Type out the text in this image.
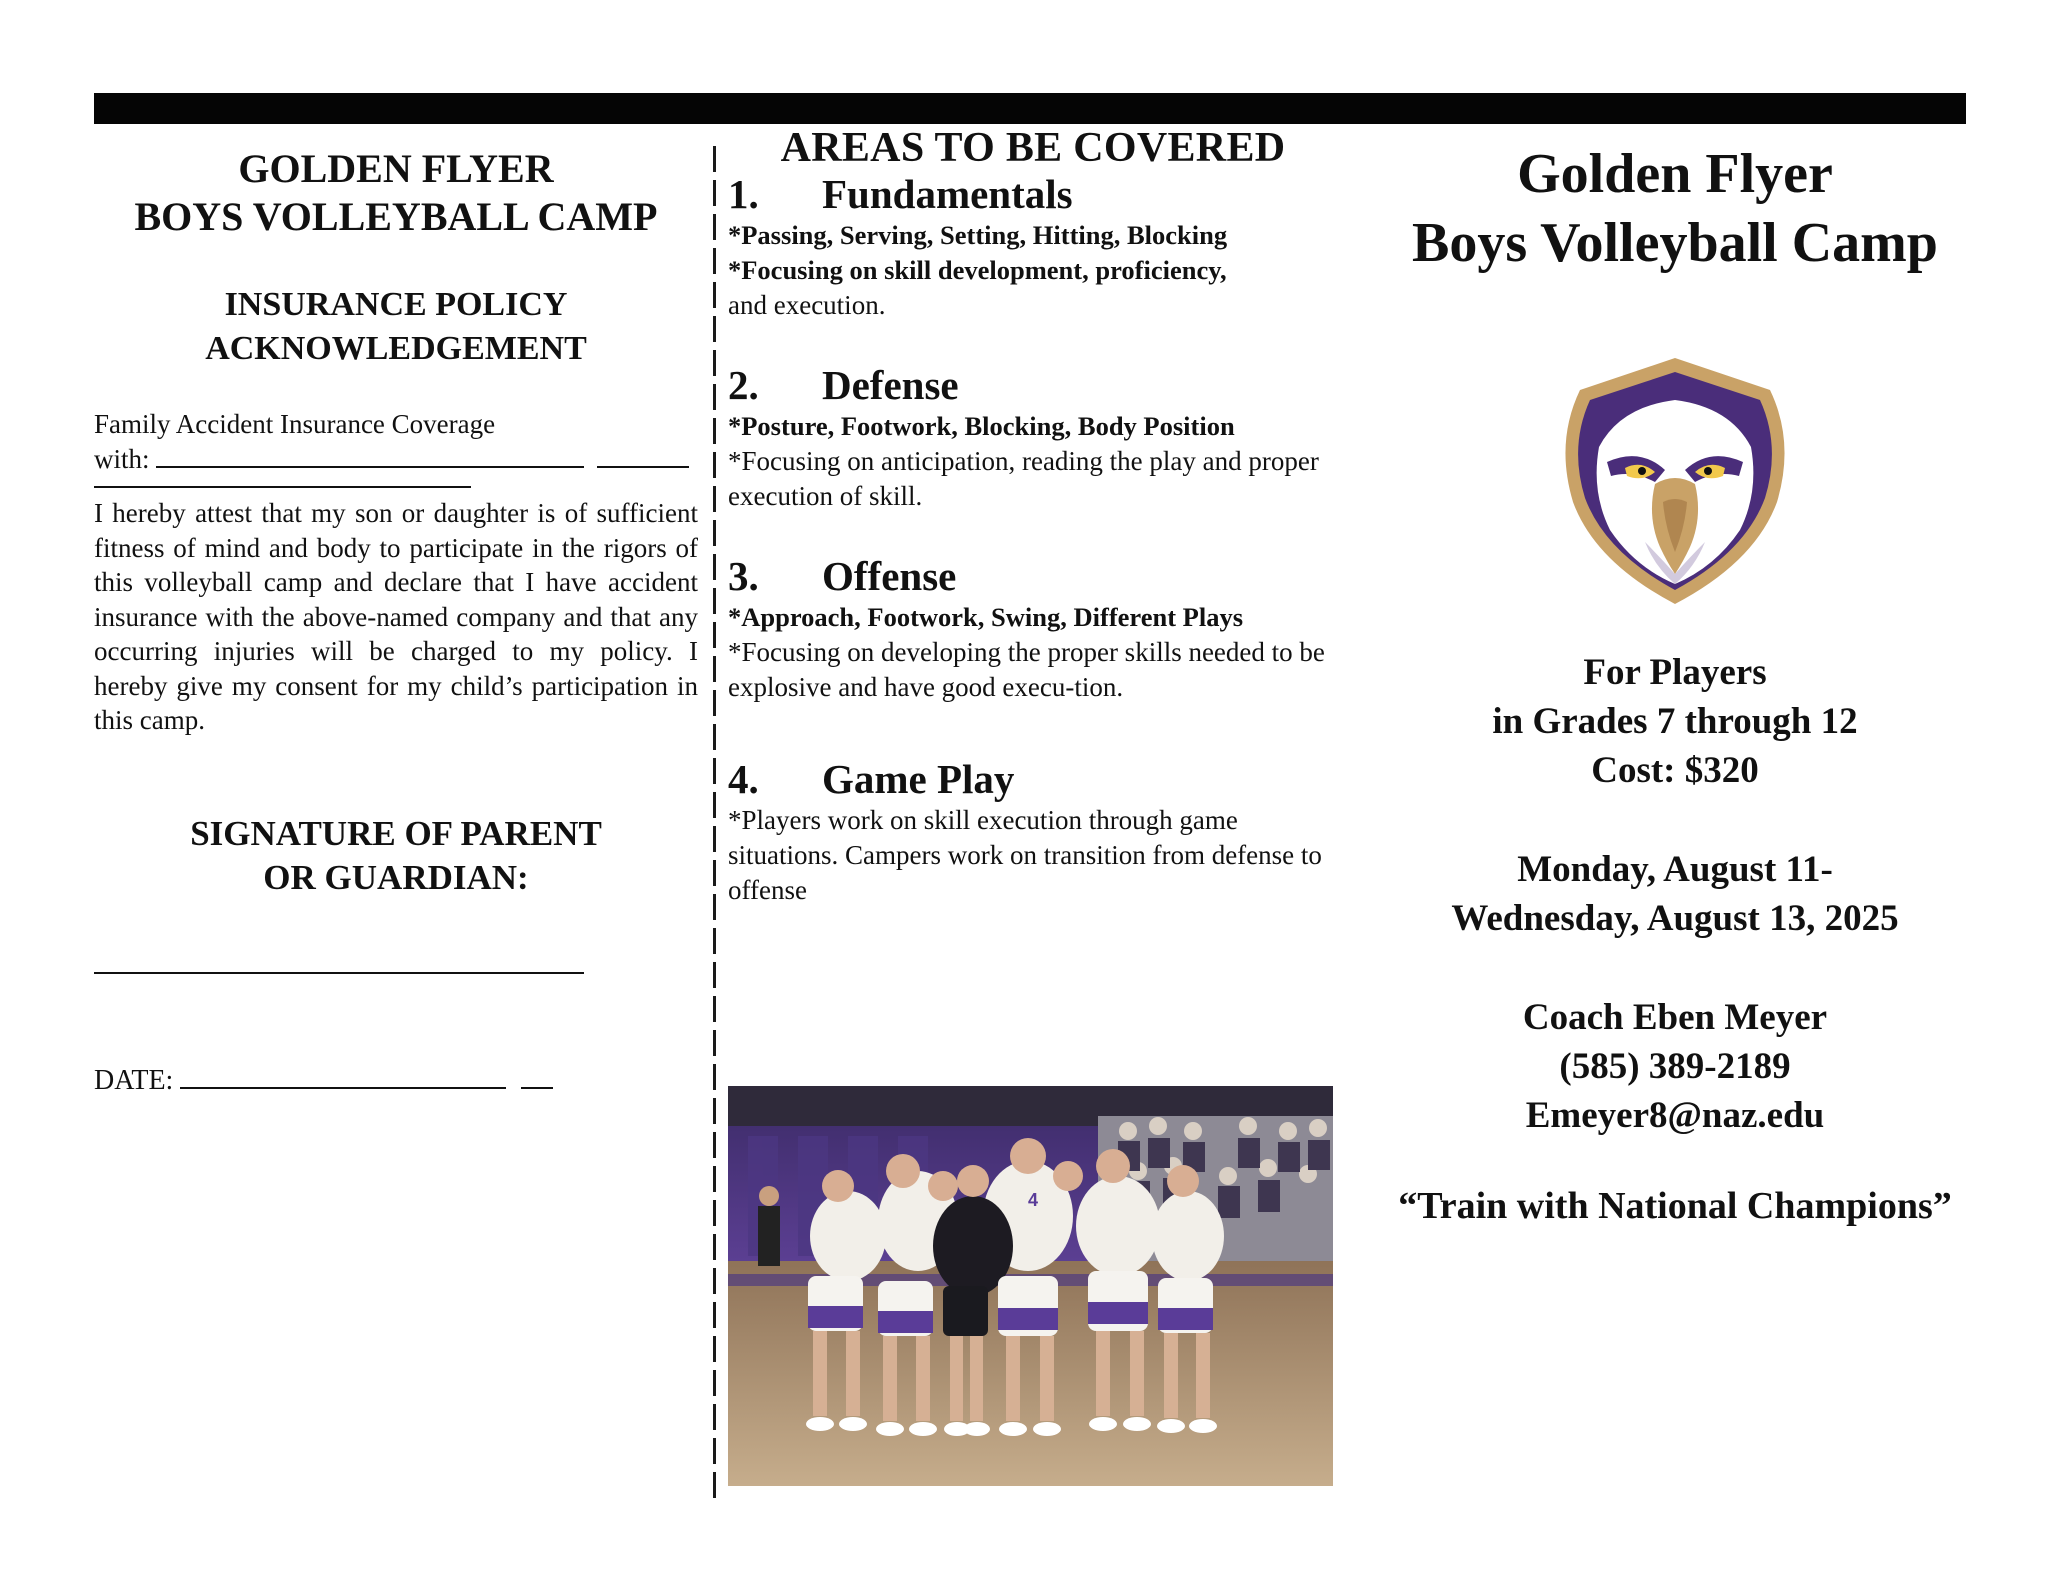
GOLDEN FLYER

BOYS VOLLEYBALL CAMP

INSURANCE POLICY

ACKNOWLEDGEMENT

Family Accident Insurance Coverage

with:

I hereby attest that my son or daughter is of sufficient fitness of mind and body to participate in the rigors of this volleyball camp and declare that I have accident insurance with the above-named company and that any occurring injuries will be charged to my policy. I hereby give my consent for my child’s participation in this camp.

SIGNATURE OF PARENT

OR GUARDIAN:

DATE:

AREAS TO BE COVERED

1.	Fundamentals

*Passing, Serving, Setting, Hitting, Blocking

*Focusing on skill development, proficiency,

and execution.

2.	Defense

*Posture, Footwork, Blocking, Body Position

*Focusing on anticipation, reading the play and proper execution of skill.

3.	Offense

*Approach, Footwork, Swing, Different Plays

*Focusing on developing the proper skills needed to be explosive and have good execu-tion.

4.	Game Play

*Players work on skill execution through game situations. Campers work on transition from defense to offense

4

Golden Flyer

Boys Volleyball Camp

For Players

in Grades 7 through 12

Cost: $320

Monday, August 11-

Wednesday, August 13, 2025

Coach Eben Meyer

(585) 389-2189

Emeyer8@naz.edu

“Train with National Champions”
